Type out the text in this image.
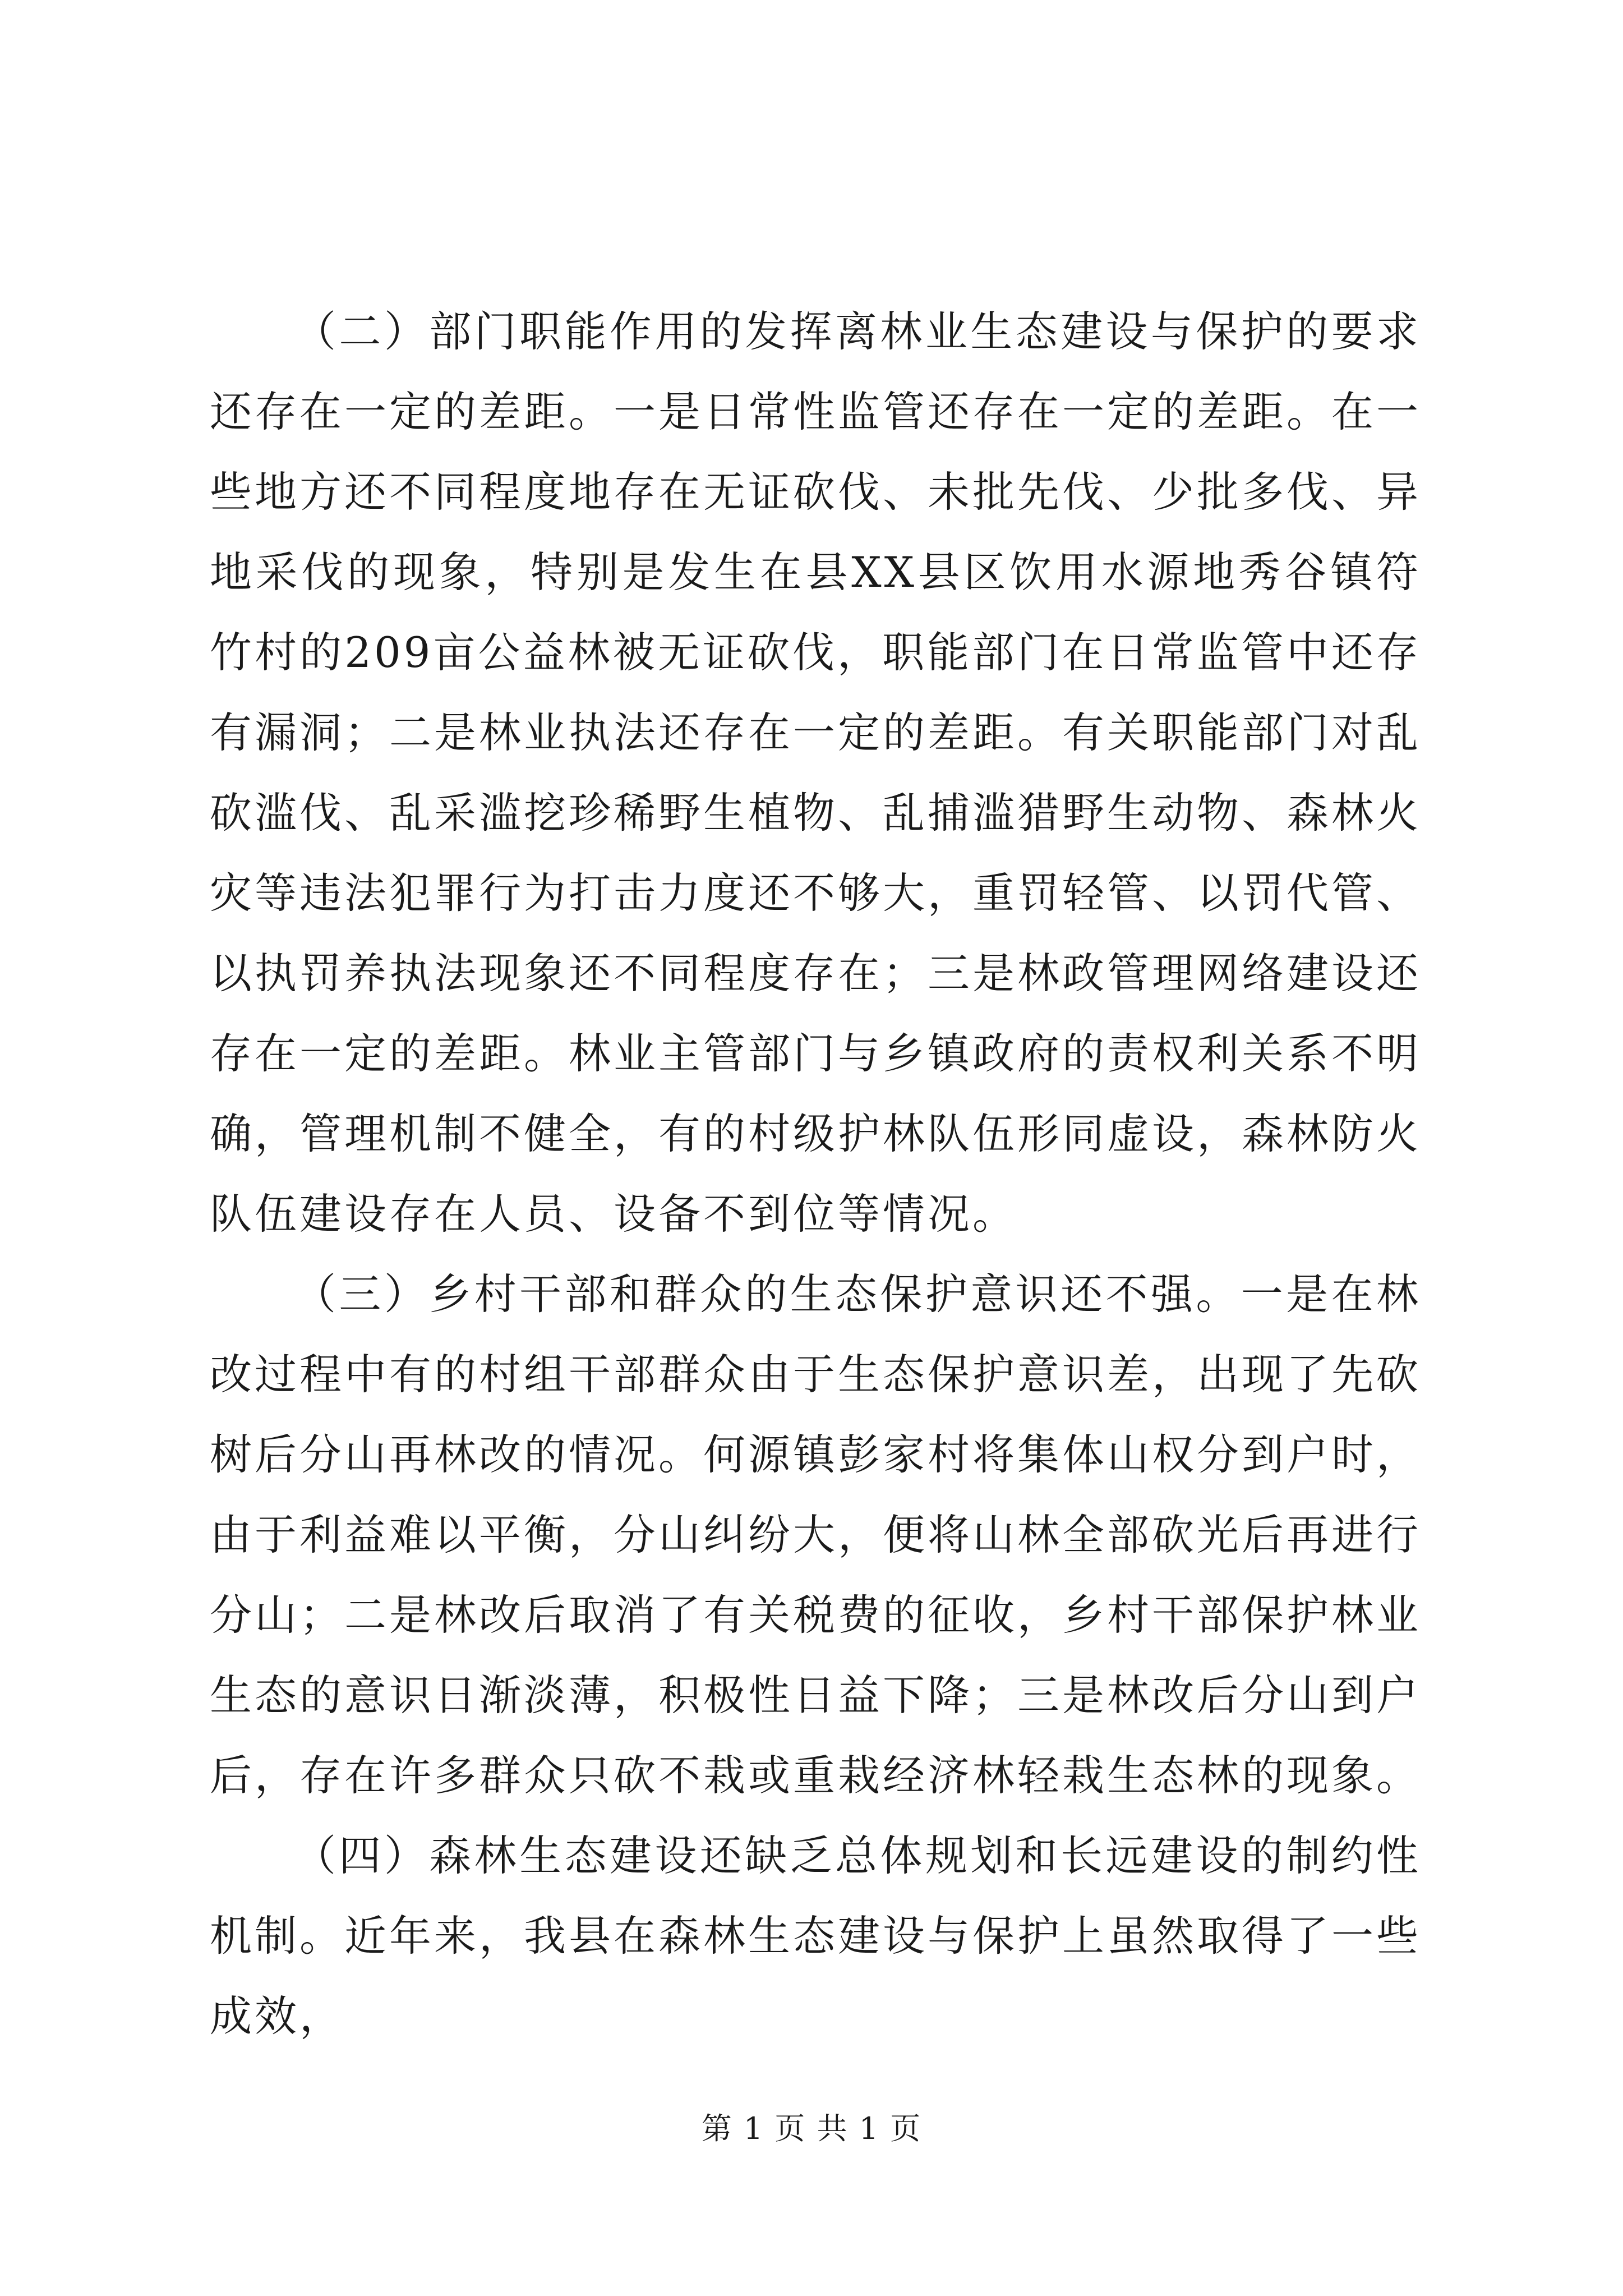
（二）部门职能作用的发挥离林业生态建设与保护的要求还存在一定的差距。一是日常性监管还存在一定的差距。在一些地方还不同程度地存在无证砍伐、未批先伐、少批多伐、异地采伐的现象，特别是发生在县XX县区饮用水源地秀谷镇符竹村的209亩公益林被无证砍伐，职能部门在日常监管中还存有漏洞；二是林业执法还存在一定的差距。有关职能部门对乱砍滥伐、乱采滥挖珍稀野生植物、乱捕滥猎野生动物、森林火灾等违法犯罪行为打击力度还不够大，重罚轻管、以罚代管、以执罚养执法现象还不同程度存在；三是林政管理网络建设还存在一定的差距。林业主管部门与乡镇政府的责权利关系不明确，管理机制不健全，有的村级护林队伍形同虚设，森林防火队伍建设存在人员、设备不到位等情况。

（三）乡村干部和群众的生态保护意识还不强。一是在林改过程中有的村组干部群众由于生态保护意识差，出现了先砍树后分山再林改的情况。何源镇彭家村将集体山权分到户时，由于利益难以平衡，分山纠纷大，便将山林全部砍光后再进行分山；二是林改后取消了有关税费的征收，乡村干部保护林业生态的意识日渐淡薄，积极性日益下降；三是林改后分山到户后，存在许多群众只砍不栽或重栽经济林轻栽生态林的现象。

（四）森林生态建设还缺乏总体规划和长远建设的制约性机制。近年来，我县在森林生态建设与保护上虽然取得了一些成效，

第 1 页 共 1 页
